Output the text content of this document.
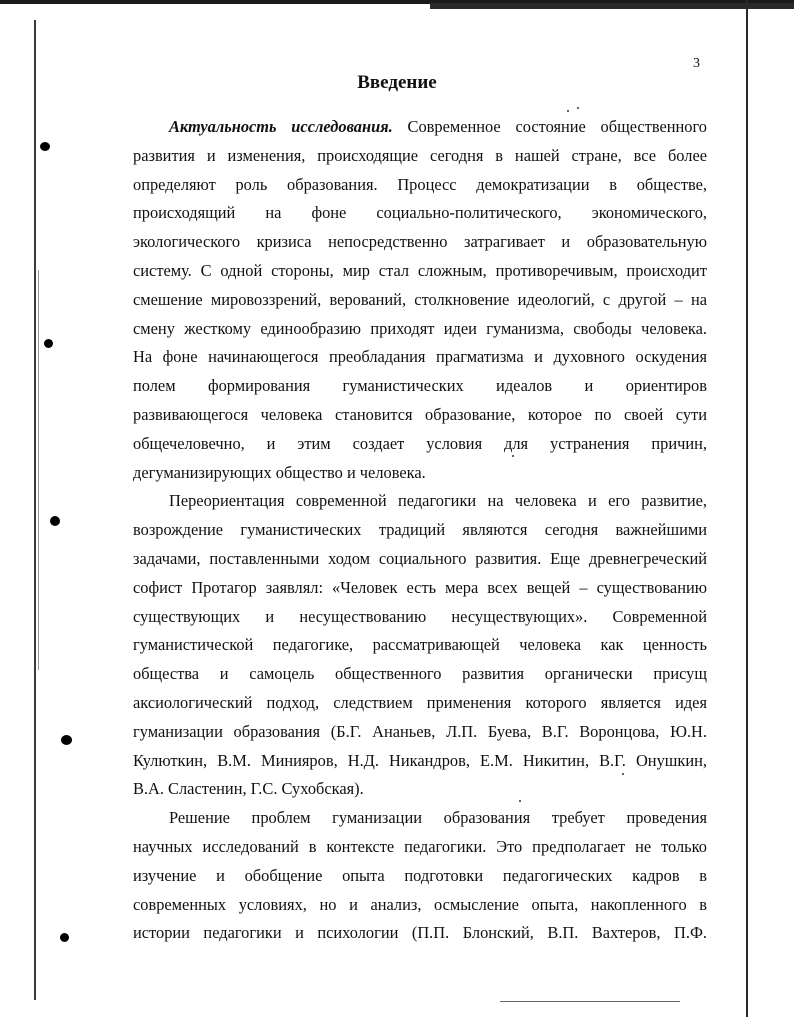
3
Введение
Актуальность исследования. Современное состояние общественного
развития и изменения, происходящие сегодня в нашей стране, все более
определяют роль образования. Процесс демократизации в обществе,
происходящий на фоне социально-политического, экономического,
экологического кризиса непосредственно затрагивает и образовательную
систему. С одной стороны, мир стал сложным, противоречивым, происходит
смешение мировоззрений, верований, столкновение идеологий, с другой – на
смену жесткому единообразию приходят идеи гуманизма, свободы человека.
На фоне начинающегося преобладания прагматизма и духовного оскудения
полем формирования гуманистических идеалов и ориентиров
развивающегося человека становится образование, которое по своей сути
общечеловечно, и этим создает условия для устранения причин,
дегуманизирующих общество и человека.
Переориентация современной педагогики на человека и его развитие,
возрождение гуманистических традиций являются сегодня важнейшими
задачами, поставленными ходом социального развития. Еще древнегреческий
софист Протагор заявлял: «Человек есть мера всех вещей – существованию
существующих и несуществованию несуществующих». Современной
гуманистической педагогике, рассматривающей человека как ценность
общества и самоцель общественного развития органически присущ
аксиологический подход, следствием применения которого является идея
гуманизации образования (Б.Г. Ананьев, Л.П. Буева, В.Г. Воронцова, Ю.Н.
Кулюткин, В.М. Минияров, Н.Д. Никандров, Е.М. Никитин, В.Г. Онушкин,
В.А. Сластенин, Г.С. Сухобская).
Решение проблем гуманизации образования требует проведения
научных исследований в контексте педагогики. Это предполагает не только
изучение и обобщение опыта подготовки педагогических кадров в
современных условиях, но и анализ, осмысление опыта, накопленного в
истории педагогики и психологии (П.П. Блонский, В.П. Вахтеров, П.Ф.
